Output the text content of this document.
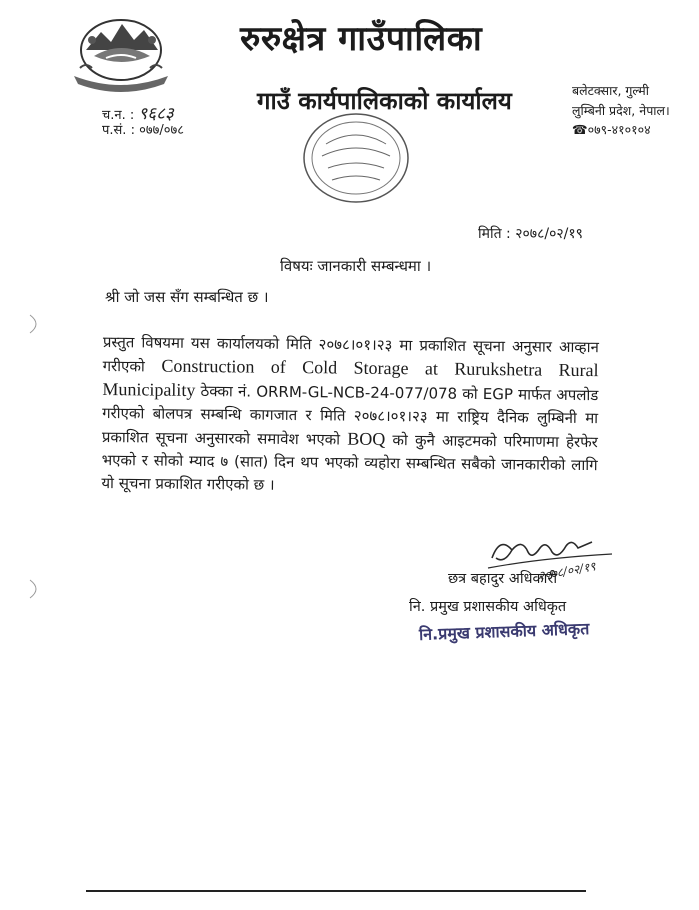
रुरुक्षेत्र गाउँपालिका
गाउँ कार्यपालिकाको कार्यालय	बलेटक्सार, गुल्मी
लुम्बिनी प्रदेश, नेपाल।
☎०७९-४१०१०४
च.न. : ९६८३
प.सं. : ०७७/०७८
मिति : २०७८/०२/१९
विषयः जानकारी सम्बन्धमा ।
श्री जो जस सँग सम्बन्धित छ ।

प्रस्तुत विषयमा यस कार्यालयको मिति २०७८।०१।२३ मा प्रकाशित सूचना अनुसार आव्हान गरीएको Construction of Cold Storage at Rurukshetra Rural Municipality ठेक्का नं. ORRM-GL-NCB-24-077/078 को EGP मार्फत अपलोड गरीएको बोलपत्र सम्बन्धि कागजात र मिति २०७८।०१।२३ मा राष्ट्रिय दैनिक लुम्बिनी मा प्रकाशित सूचना अनुसारको समावेश भएको BOQ को कुनै आइटमको परिमाणमा हेरफेर भएको र सोको म्याद ७ (सात) दिन थप भएको व्यहोरा सम्बन्धित सबैको जानकारीको लागि यो सूचना प्रकाशित गरीएको छ ।

२०७८/०२/१९
छत्र बहादुर अधिकारी
नि. प्रमुख प्रशासकीय अधिकृत
नि.प्रमुख प्रशासकीय अधिकृत
